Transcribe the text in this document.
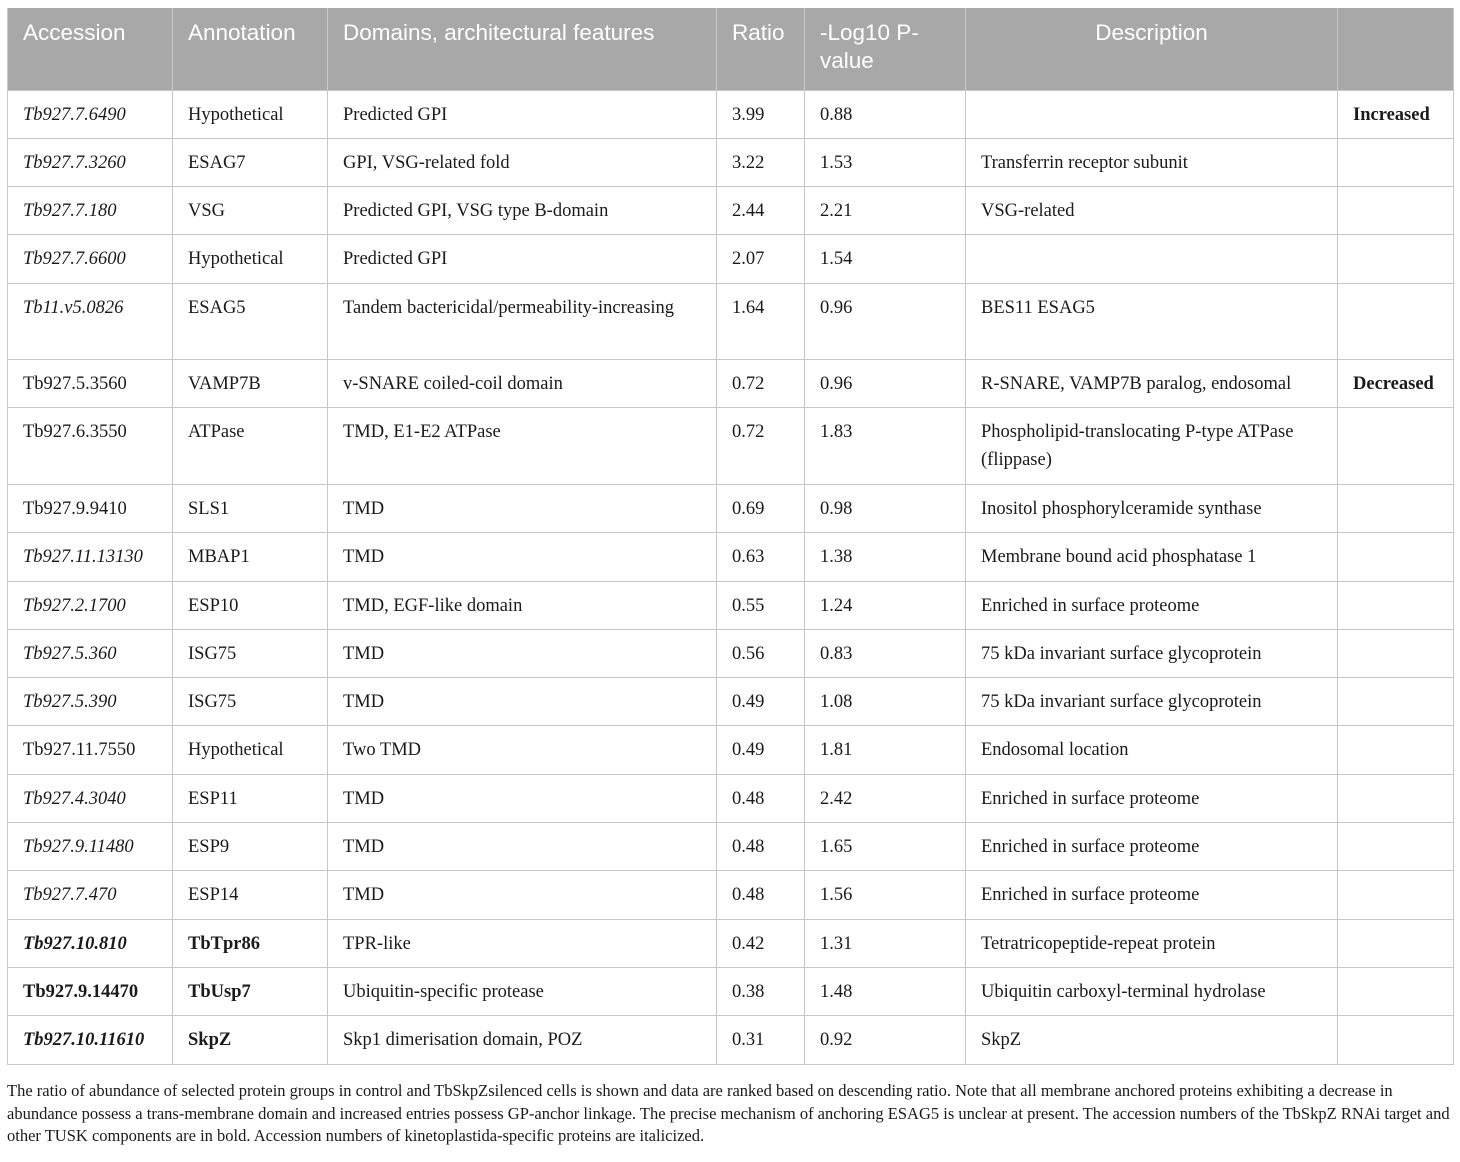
Accession	Annotation	Domains, architectural features	Ratio	-Log10 P-value	Description	
Tb927.7.6490	Hypothetical	Predicted GPI	3.99	0.88		Increased
Tb927.7.3260	ESAG7	GPI, VSG-related fold	3.22	1.53	Transferrin receptor subunit	
Tb927.7.180	VSG	Predicted GPI, VSG type B-domain	2.44	2.21	VSG-related	
Tb927.7.6600	Hypothetical	Predicted GPI	2.07	1.54		
Tb11.v5.0826	ESAG5	Tandem bactericidal/permeability-increasing	1.64	0.96	BES11 ESAG5	
Tb927.5.3560	VAMP7B	v-SNARE coiled-coil domain	0.72	0.96	R-SNARE, VAMP7B paralog, endosomal	Decreased
Tb927.6.3550	ATPase	TMD, E1-E2 ATPase	0.72	1.83	Phospholipid-translocating P-type ATPase (flippase)	
Tb927.9.9410	SLS1	TMD	0.69	0.98	Inositol phosphorylceramide synthase	
Tb927.11.13130	MBAP1	TMD	0.63	1.38	Membrane bound acid phosphatase 1	
Tb927.2.1700	ESP10	TMD, EGF-like domain	0.55	1.24	Enriched in surface proteome	
Tb927.5.360	ISG75	TMD	0.56	0.83	75 kDa invariant surface glycoprotein	
Tb927.5.390	ISG75	TMD	0.49	1.08	75 kDa invariant surface glycoprotein	
Tb927.11.7550	Hypothetical	Two TMD	0.49	1.81	Endosomal location	
Tb927.4.3040	ESP11	TMD	0.48	2.42	Enriched in surface proteome	
Tb927.9.11480	ESP9	TMD	0.48	1.65	Enriched in surface proteome	
Tb927.7.470	ESP14	TMD	0.48	1.56	Enriched in surface proteome	
Tb927.10.810	TbTpr86	TPR-like	0.42	1.31	Tetratricopeptide-repeat protein	
Tb927.9.14470	TbUsp7	Ubiquitin-specific protease	0.38	1.48	Ubiquitin carboxyl-terminal hydrolase	
Tb927.10.11610	SkpZ	Skp1 dimerisation domain, POZ	0.31	0.92	SkpZ	
The ratio of abundance of selected protein groups in control and TbSkpZsilenced cells is shown and data are ranked based on descending ratio. Note that all membrane anchored proteins exhibiting a decrease in abundance possess a trans-membrane domain and increased entries possess GP-anchor linkage. The precise mechanism of anchoring ESAG5 is unclear at present. The accession numbers of the TbSkpZ RNAi target and other TUSK components are in bold. Accession numbers of kinetoplastida-specific proteins are italicized.
